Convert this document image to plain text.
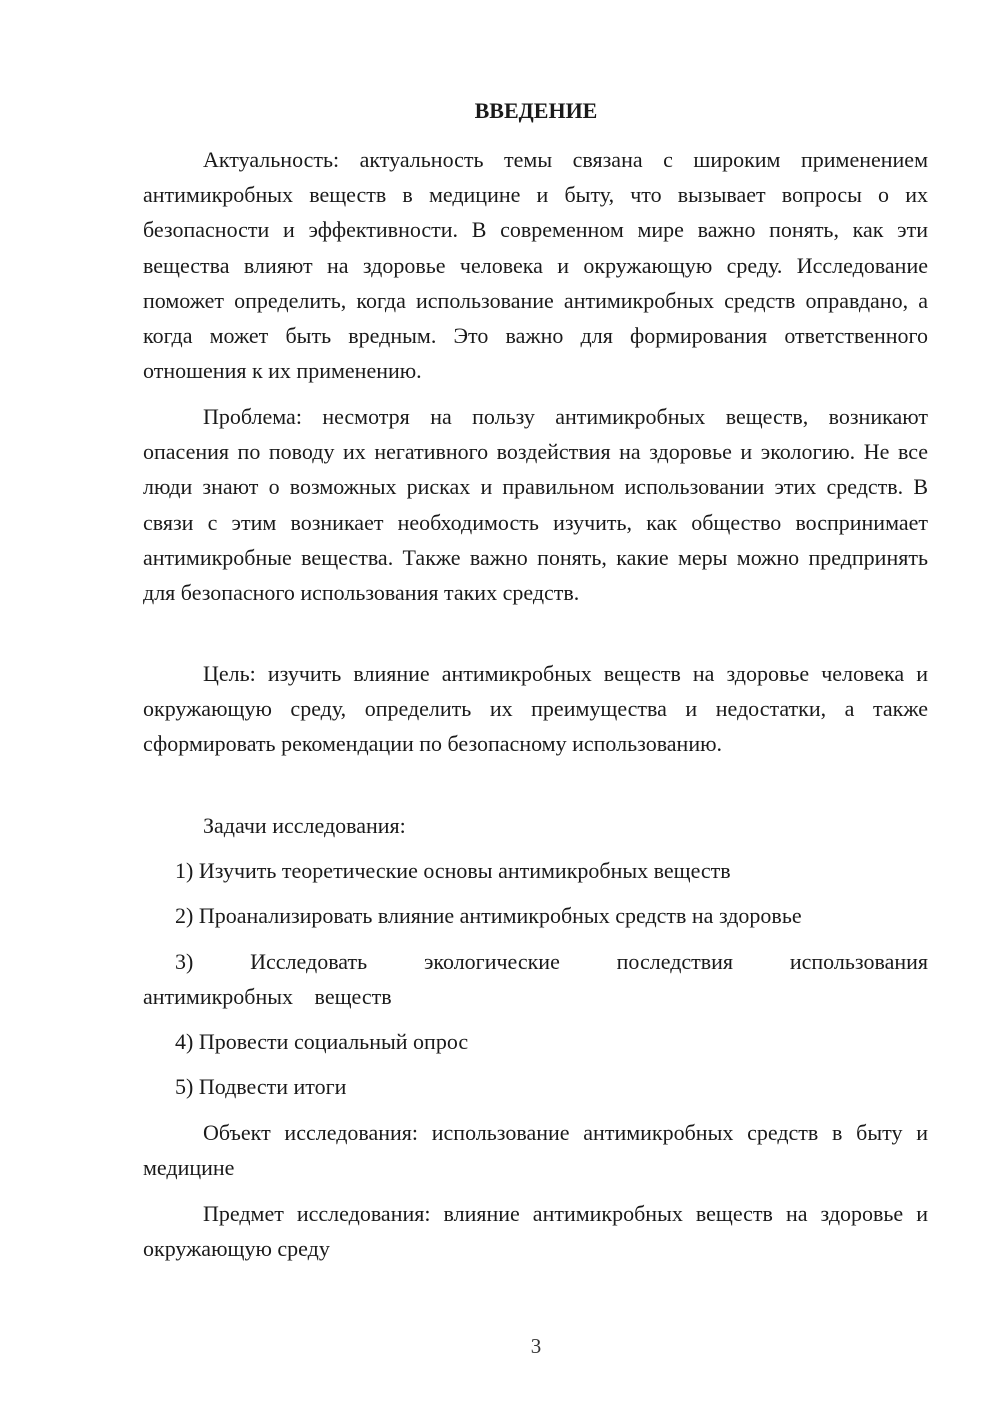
ВВЕДЕНИЕ

Актуальность: актуальность темы связана с широким применением антимикробных веществ в медицине и быту, что вызывает вопросы о их безопасности и эффективности. В современном мире важно понять, как эти вещества влияют на здоровье человека и окружающую среду. Исследование поможет определить, когда использование антимикробных средств оправдано, а когда может быть вредным. Это важно для формирования ответственного отношения к их применению.

Проблема: несмотря на пользу антимикробных веществ, возникают опасения по поводу их негативного воздействия на здоровье и экологию. Не все люди знают о возможных рисках и правильном использовании этих средств. В связи с этим возникает необходимость изучить, как общество воспринимает антимикробные вещества. Также важно понять, какие меры можно предпринять для безопасного использования таких средств.

Цель: изучить влияние антимикробных веществ на здоровье человека и окружающую среду, определить их преимущества и недостатки, а также сформировать рекомендации по безопасному использованию.

Задачи исследования:

1) Изучить теоретические основы антимикробных веществ

2) Проанализировать влияние антимикробных средств на здоровье

3) Исследовать экологические последствия использования антимикробных веществ

4) Провести социальный опрос

5) Подвести итоги

Объект исследования: использование антимикробных средств в быту и медицине

Предмет исследования: влияние антимикробных веществ на здоровье и окружающую среду

3
